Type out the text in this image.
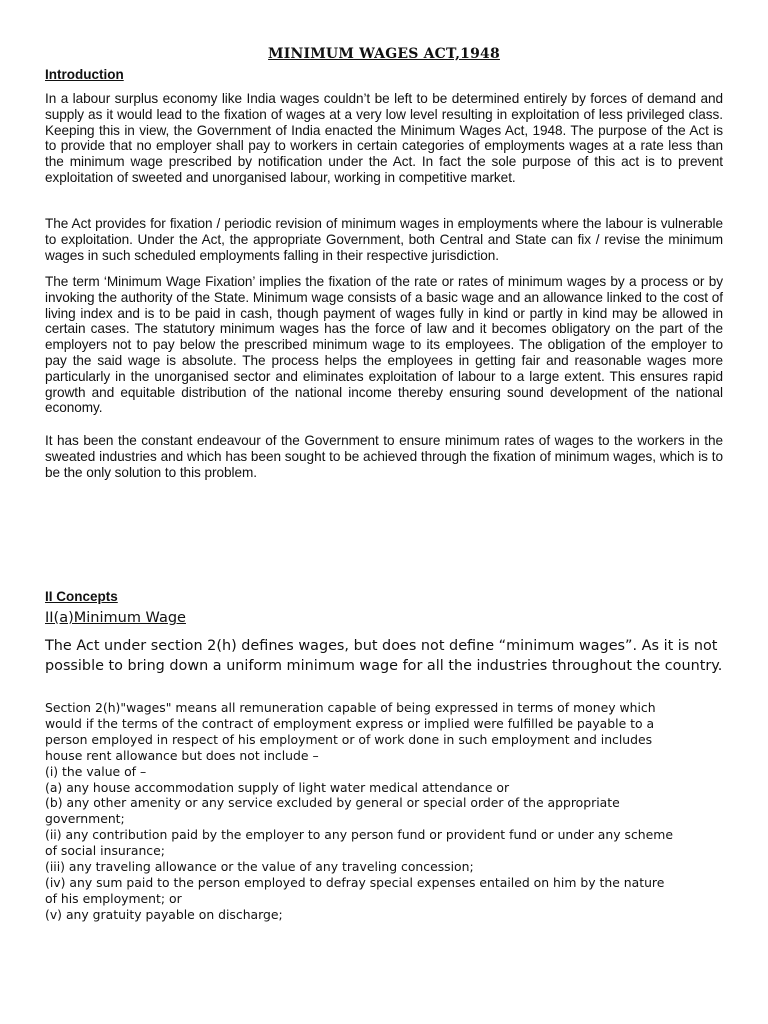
MINIMUM WAGES ACT,1948
Introduction

In a labour surplus economy like India wages couldn’t be left to be determined entirely by forces of demand and supply as it would lead to the fixation of wages at a very low level resulting in exploitation of less privileged class. Keeping this in view, the Government of India enacted the Minimum Wages Act, 1948. The purpose of the Act is to provide that no employer shall pay to workers in certain categories of employments wages at a rate less than the minimum wage prescribed by notification under the Act. In fact the sole purpose of this act is to prevent exploitation of sweeted and unorganised labour, working in competitive market.

The Act provides for fixation / periodic revision of minimum wages in employments where the labour is vulnerable to exploitation. Under the Act, the appropriate Government, both Central and State can fix / revise the minimum wages in such scheduled employments falling in their respective jurisdiction.

The term ‘Minimum Wage Fixation’ implies the fixation of the rate or rates of minimum wages by a process or by invoking the authority of the State. Minimum wage consists of a basic wage and an allowance linked to the cost of living index and is to be paid in cash, though payment of wages fully in kind or partly in kind may be allowed in certain cases. The statutory minimum wages has the force of law and it becomes obligatory on the part of the employers not to pay below the prescribed minimum wage to its employees. The obligation of the employer to pay the said wage is absolute. The process helps the employees in getting fair and reasonable wages more particularly in the unorganised sector and eliminates exploitation of labour to a large extent. This ensures rapid growth and equitable distribution of the national income thereby ensuring sound development of the national economy.

It has been the constant endeavour of the Government to ensure minimum rates of wages to the workers in the sweated industries and which has been sought to be achieved through the fixation of minimum wages, which is to be the only solution to this problem.

II Concepts
II(a)Minimum Wage

The Act under section 2(h) defines wages, but does not define “minimum wages”. As it is not possible to bring down a uniform minimum wage for all the industries throughout the country.

Section 2(h)"wages" means all remuneration capable of being expressed in terms of money which
would if the terms of the contract of employment express or implied were fulfilled be payable to a
person employed in respect of his employment or of work done in such employment and includes
house rent allowance but does not include –
(i) the value of –
(a) any house accommodation supply of light water medical attendance or
(b) any other amenity or any service excluded by general or special order of the appropriate
government;
(ii) any contribution paid by the employer to any person fund or provident fund or under any scheme
of social insurance;
(iii) any traveling allowance or the value of any traveling concession;
(iv) any sum paid to the person employed to defray special expenses entailed on him by the nature
of his employment; or
(v) any gratuity payable on discharge;
